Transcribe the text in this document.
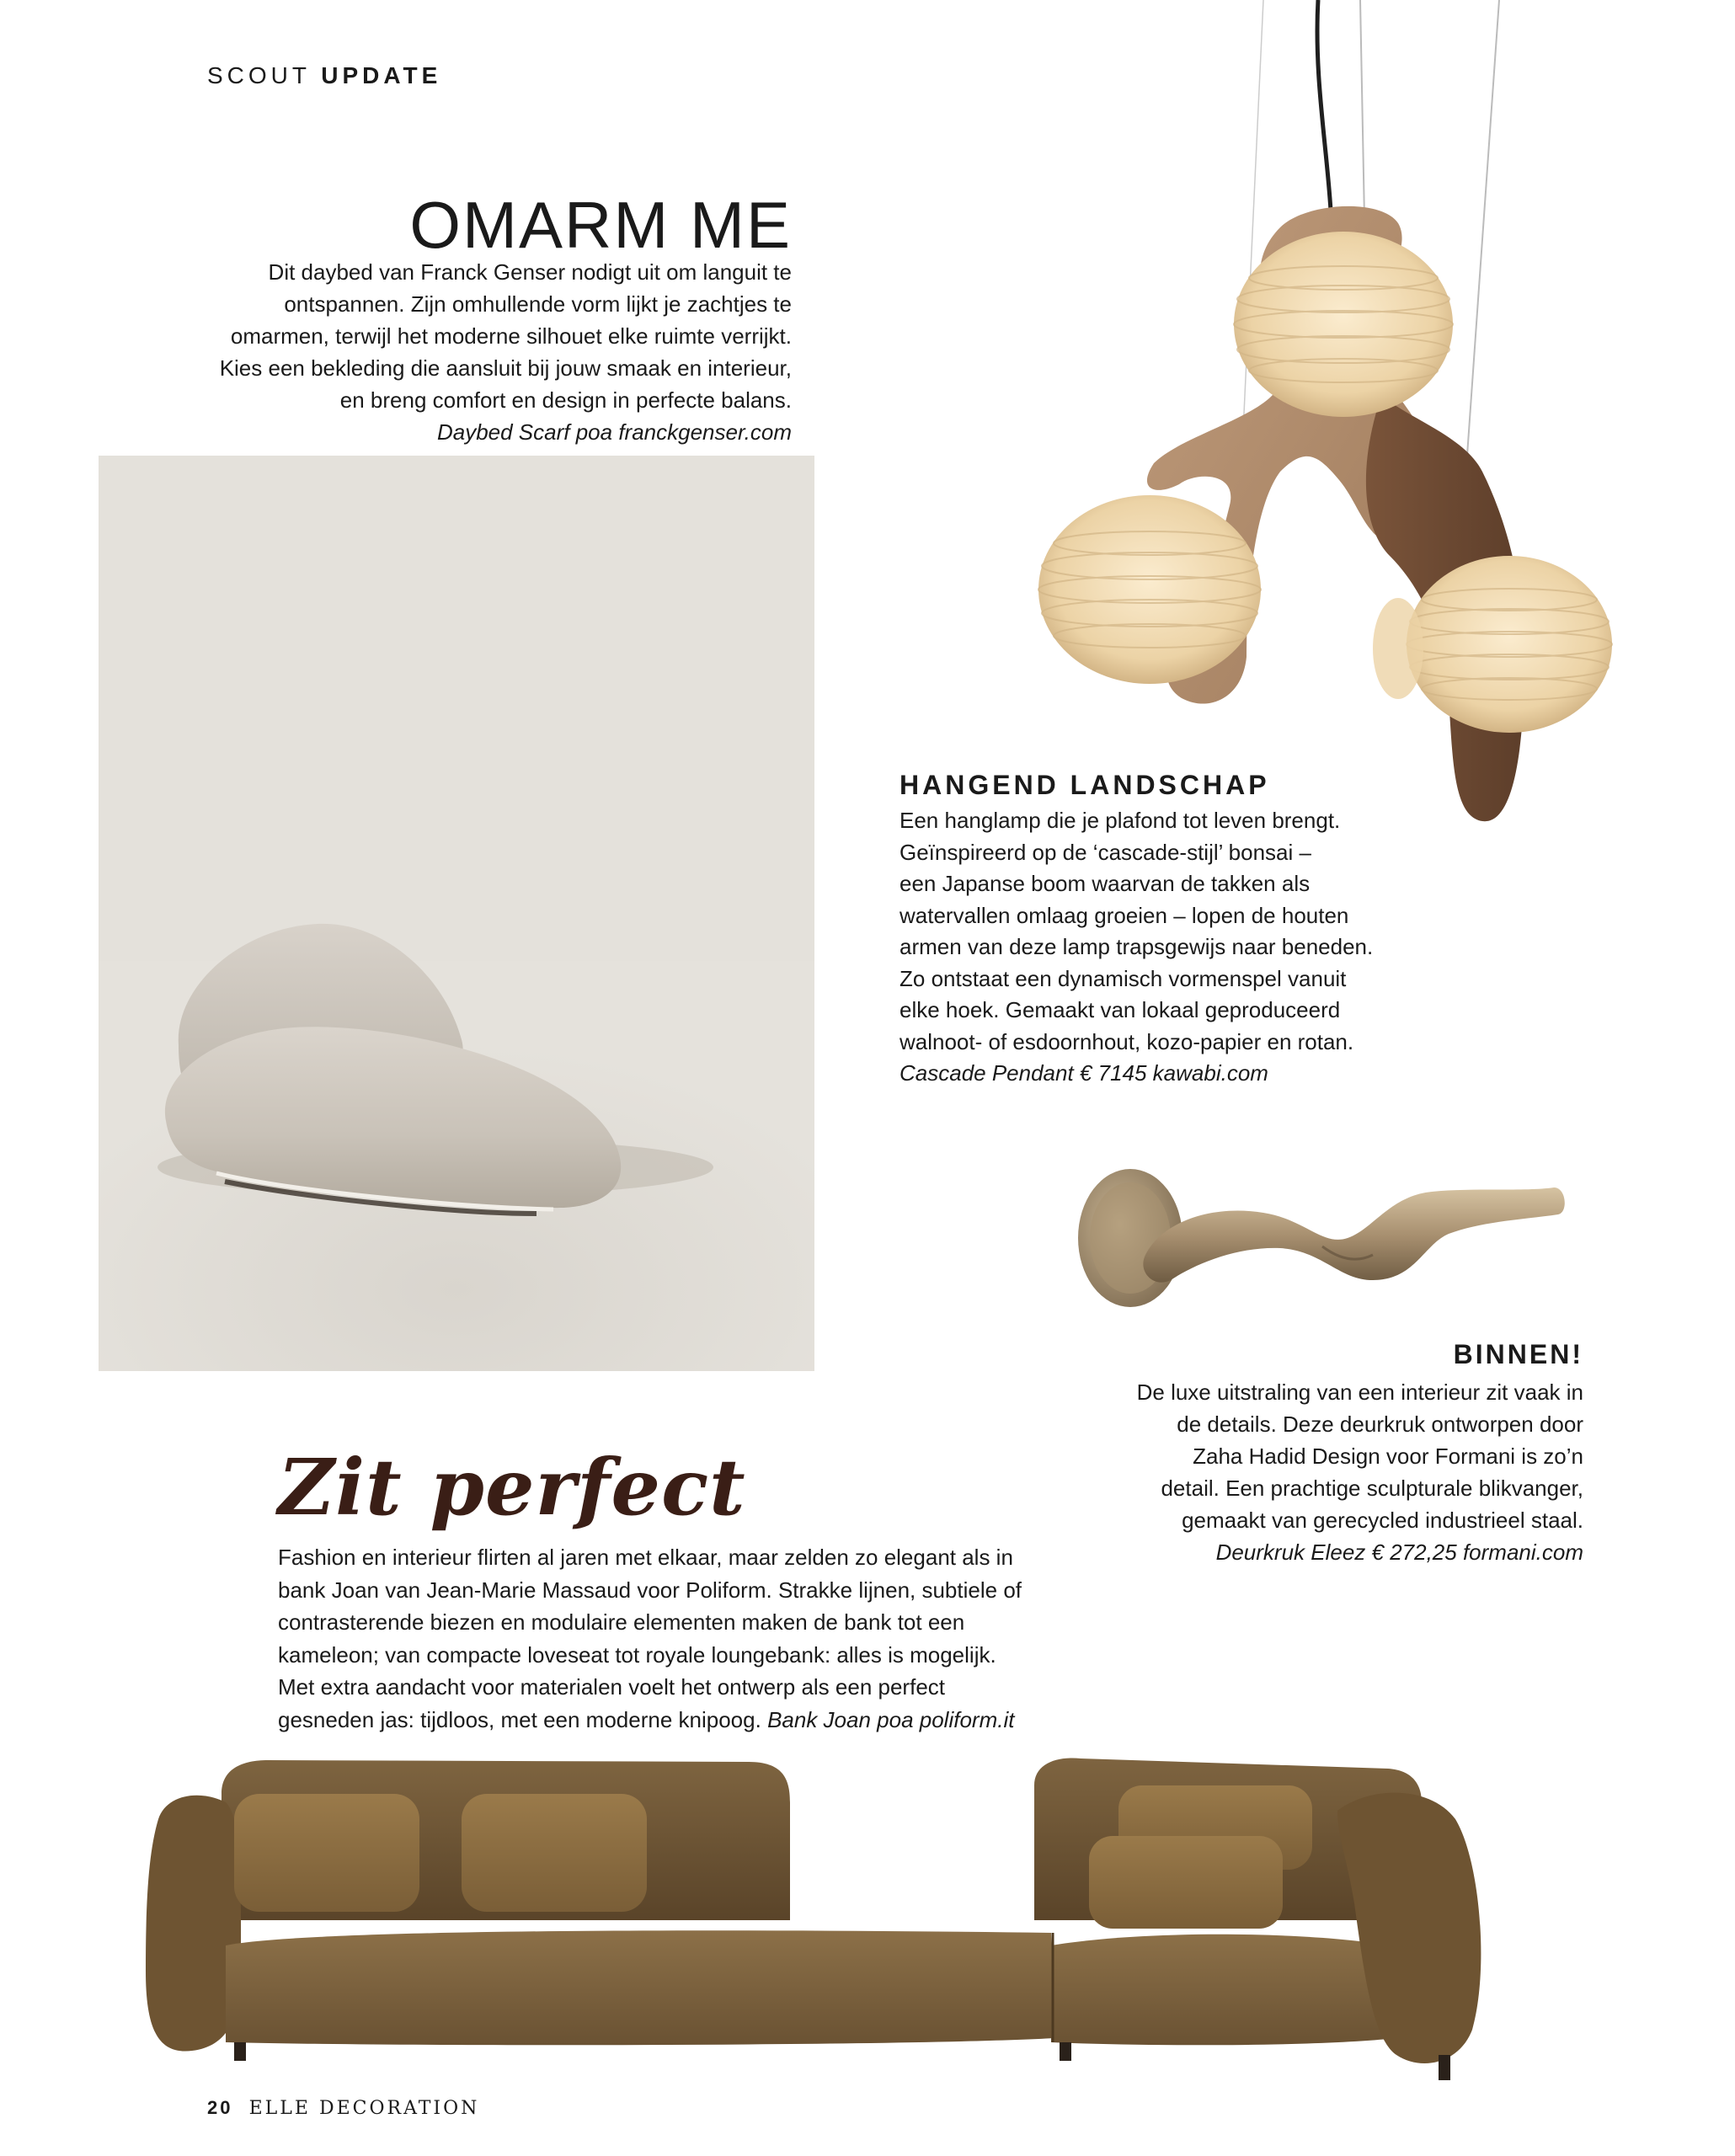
SCOUT UPDATE
OMARM ME
Dit daybed van Franck Genser nodigt uit om languit te
ontspannen. Zijn omhullende vorm lijkt je zachtjes te
omarmen, terwijl het moderne silhouet elke ruimte verrijkt.
Kies een bekleding die aansluit bij jouw smaak en interieur,
en breng comfort en design in perfecte balans.
Daybed Scarf poa franckgenser.com
HANGEND LANDSCHAP
Een hanglamp die je plafond tot leven brengt.
Geïnspireerd op de ‘cascade-stijl’ bonsai –
een Japanse boom waarvan de takken als
watervallen omlaag groeien – lopen de houten
armen van deze lamp trapsgewijs naar beneden.
Zo ontstaat een dynamisch vormenspel vanuit
elke hoek. Gemaakt van lokaal geproduceerd
walnoot- of esdoornhout, kozo-papier en rotan.
Cascade Pendant € 7145 kawabi.com
BINNEN!
De luxe uitstraling van een interieur zit vaak in
de details. Deze deurkruk ontworpen door
Zaha Hadid Design voor Formani is zo’n
detail. Een prachtige sculpturale blikvanger,
gemaakt van gerecycled industrieel staal.
Deurkruk Eleez € 272,25 formani.com
Zit perfect
Fashion en interieur flirten al jaren met elkaar, maar zelden zo elegant als in
bank Joan van Jean-Marie Massaud voor Poliform. Strakke lijnen, subtiele of
contrasterende biezen en modulaire elementen maken de bank tot een
kameleon; van compacte loveseat tot royale loungebank: alles is mogelijk.
Met extra aandacht voor materialen voelt het ontwerp als een perfect
gesneden jas: tijdloos, met een moderne knipoog. Bank Joan poa poliform.it
20 ELLE DECORATION
